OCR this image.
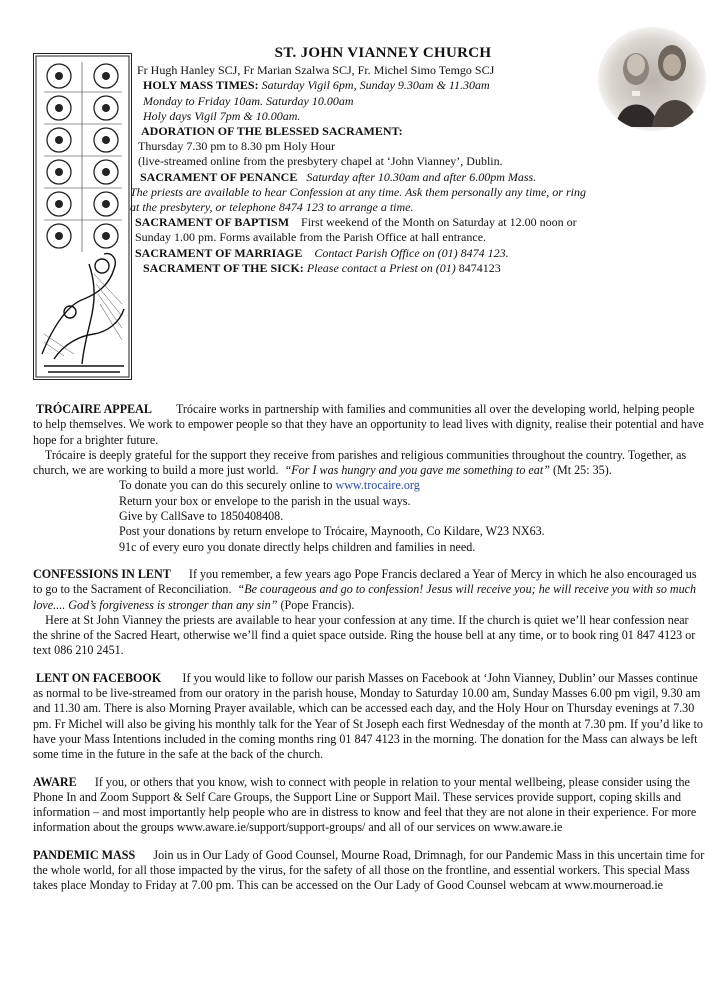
ST. JOHN VIANNEY CHURCH

Fr Hugh Hanley SCJ, Fr Marian Szalwa SCJ, Fr. Michel Simo Temgo SCJ

HOLY MASS TIMES: Saturday Vigil 6pm, Sunday 9.30am & 11.30am

Monday to Friday 10am. Saturday 10.00am

Holy days Vigil 7pm & 10.00am.

ADORATION OF THE BLESSED SACRAMENT:

Thursday 7.30 pm to 8.30 pm Holy Hour

(live-streamed online from the presbytery chapel at ‘John Vianney’, Dublin.

SACRAMENT OF PENANCE Saturday after 10.30am and after 6.00pm Mass.

The priests are available to hear Confession at any time. Ask them personally any time, or ring

at the presbytery, or telephone 8474 123 to arrange a time.

SACRAMENT OF BAPTISM First weekend of the Month on Saturday at 12.00 noon or

Sunday 1.00 pm. Forms available from the Parish Office at hall entrance.

SACRAMENT OF MARRIAGE Contact Parish Office on (01) 8474 123.

SACRAMENT OF THE SICK: Please contact a Priest on (01) 8474123

TRÓCAIRE APPEAL Trócaire works in partnership with families and communities all over the developing world, helping people to help themselves. We work to empower people so that they have an opportunity to lead lives with dignity, realise their potential and have hope for a brighter future.

Trócaire is deeply grateful for the support they receive from parishes and religious communities throughout the country. Together, as church, we are working to build a more just world. “For I was hungry and you gave me something to eat” (Mt 25: 35).

To donate you can do this securely online to www.trocaire.org

Return your box or envelope to the parish in the usual ways.

Give by CallSave to 1850408408.

Post your donations by return envelope to Trócaire, Maynooth, Co Kildare, W23 NX63.

91c of every euro you donate directly helps children and families in need.

CONFESSIONS IN LENT If you remember, a few years ago Pope Francis declared a Year of Mercy in which he also encouraged us to go to the Sacrament of Reconciliation. “Be courageous and go to confession! Jesus will receive you; he will receive you with so much love.... God’s forgiveness is stronger than any sin” (Pope Francis).

Here at St John Vianney the priests are available to hear your confession at any time. If the church is quiet we’ll hear confession near the shrine of the Sacred Heart, otherwise we’ll find a quiet space outside. Ring the house bell at any time, or to book ring 01 847 4123 or text 086 210 2451.

LENT ON FACEBOOK If you would like to follow our parish Masses on Facebook at ‘John Vianney, Dublin’ our Masses continue as normal to be live-streamed from our oratory in the parish house, Monday to Saturday 10.00 am, Sunday Masses 6.00 pm vigil, 9.30 am and 11.30 am. There is also Morning Prayer available, which can be accessed each day, and the Holy Hour on Thursday evenings at 7.30 pm. Fr Michel will also be giving his monthly talk for the Year of St Joseph each first Wednesday of the month at 7.30 pm. If you’d like to have your Mass Intentions included in the coming months ring 01 847 4123 in the morning. The donation for the Mass can always be left some time in the future in the safe at the back of the church.

AWARE If you, or others that you know, wish to connect with people in relation to your mental wellbeing, please consider using the Phone In and Zoom Support & Self Care Groups, the Support Line or Support Mail. These services provide support, coping skills and information – and most importantly help people who are in distress to know and feel that they are not alone in their experience. For more information about the groups www.aware.ie/support/support-groups/ and all of our services on www.aware.ie

PANDEMIC MASS Join us in Our Lady of Good Counsel, Mourne Road, Drimnagh, for our Pandemic Mass in this uncertain time for the whole world, for all those impacted by the virus, for the safety of all those on the frontline, and essential workers. This special Mass takes place Monday to Friday at 7.00 pm. This can be accessed on the Our Lady of Good Counsel webcam at www.mourneroad.ie
